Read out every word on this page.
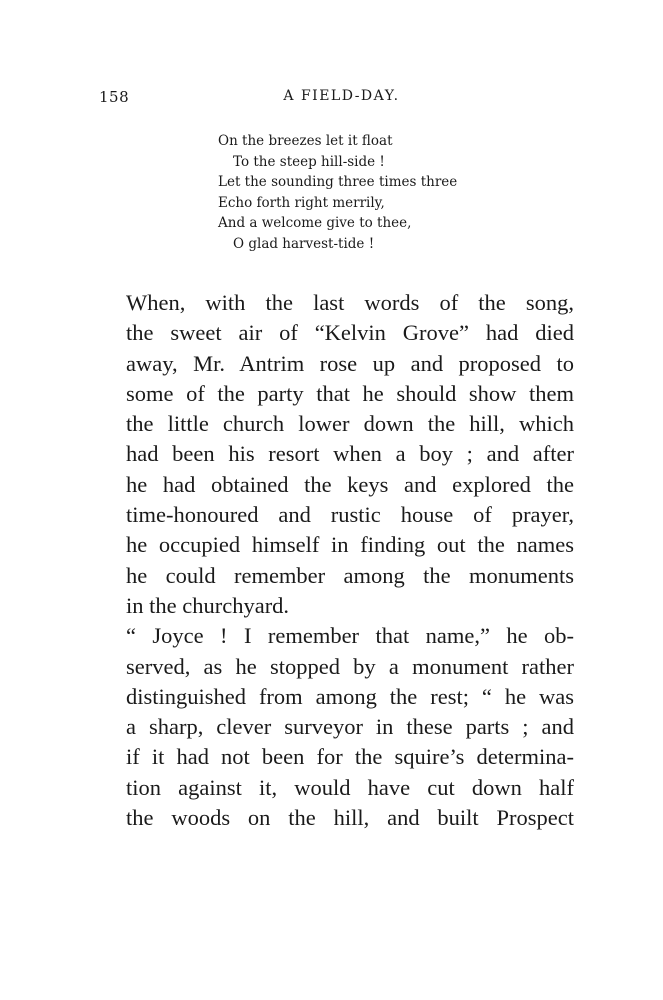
158	A FIELD-DAY.
On the breezes let it float
To the steep hill-side !
Let the sounding three times three
Echo forth right merrily,
And a welcome give to thee,
O glad harvest-tide !
When, with the last words of the song,
the sweet air of “Kelvin Grove” had died
away, Mr. Antrim rose up and proposed to
some of the party that he should show them
the little church lower down the hill, which
had been his resort when a boy ; and after
he had obtained the keys and explored the
time-honoured and rustic house of prayer,
he occupied himself in finding out the names
he could remember among the monuments
in the churchyard.
“ Joyce ! I remember that name,” he ob-
served, as he stopped by a monument rather
distinguished from among the rest; “ he was
a sharp, clever surveyor in these parts ; and
if it had not been for the squire’s determina-
tion against it, would have cut down half
the woods on the hill, and built Prospect
